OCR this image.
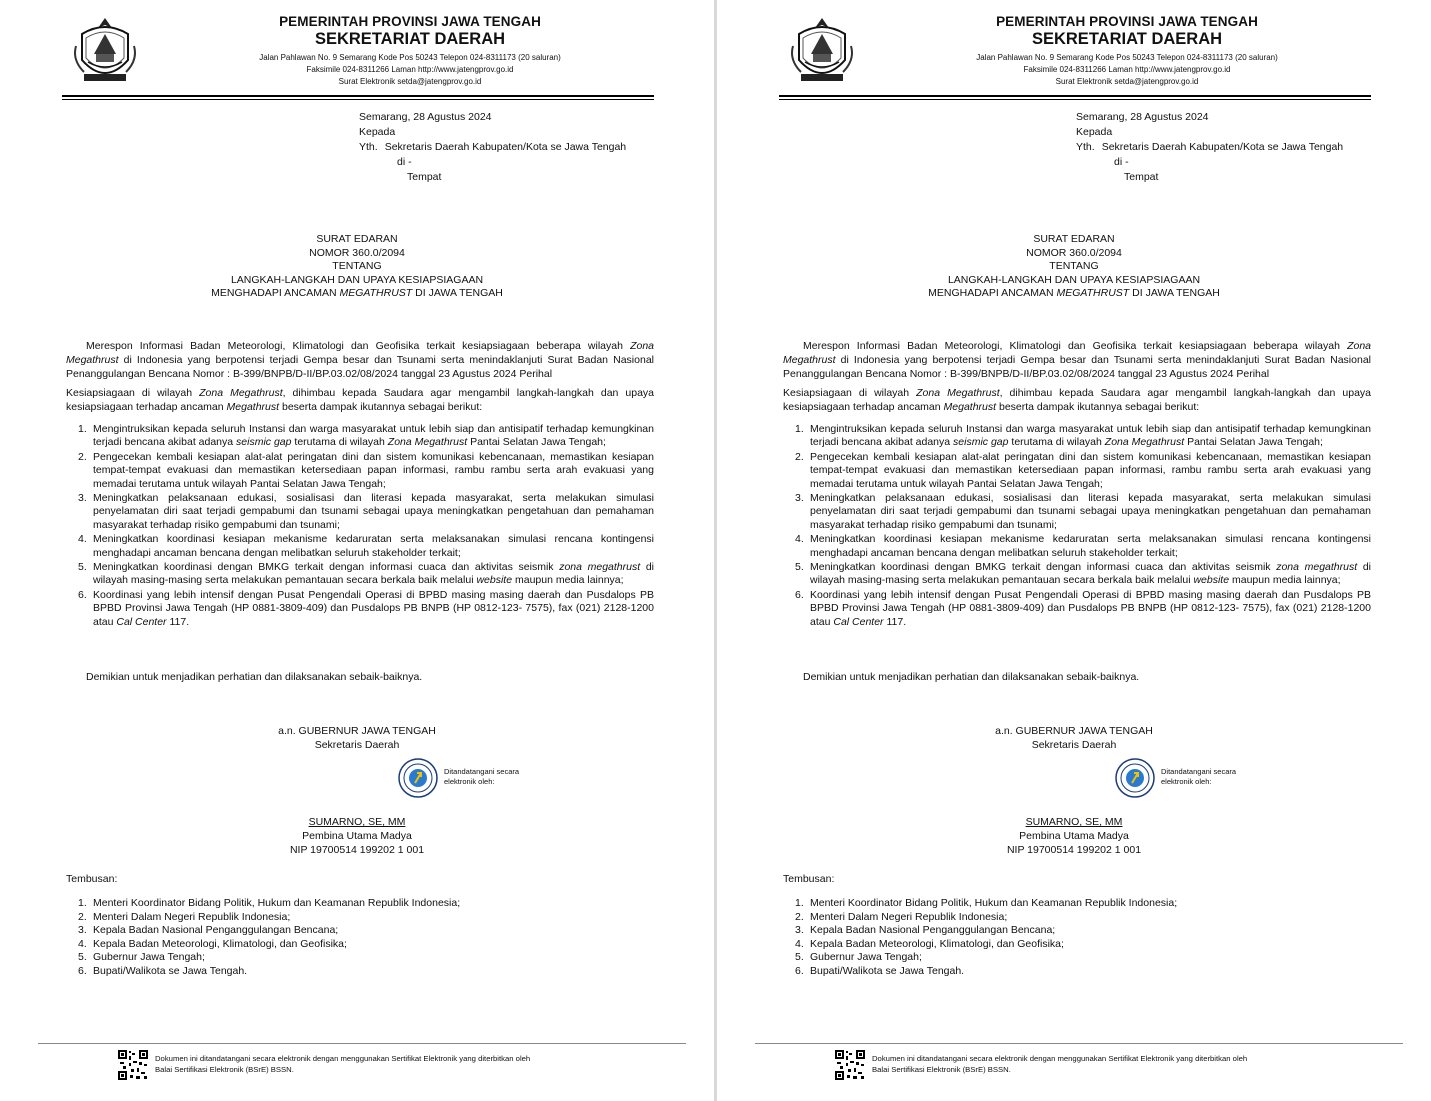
PEMERINTAH PROVINSI JAWA TENGAH
SEKRETARIAT DAERAH
Jalan Pahlawan No. 9 Semarang Kode Pos 50243 Telepon 024-8311173 (20 saluran)
Faksimile 024-8311266 Laman http://www.jatengprov.go.id
Surat Elektronik setda@jatengprov.go.id
Semarang, 28 Agustus 2024
Kepada
Yth. Sekretaris Daerah Kabupaten/Kota se Jawa Tengah
di -
Tempat
SURAT EDARAN
NOMOR 360.0/2094
TENTANG
LANGKAH-LANGKAH DAN UPAYA KESIAPSIAGAAN
MENGHADAPI ANCAMAN MEGATHRUST DI JAWA TENGAH

Merespon Informasi Badan Meteorologi, Klimatologi dan Geofisika terkait kesiapsiagaan beberapa wilayah Zona Megathrust di Indonesia yang berpotensi terjadi Gempa besar dan Tsunami serta menindaklanjuti Surat Badan Nasional Penanggulangan Bencana Nomor : B-399/BNPB/D-II/BP.03.02/08/2024 tanggal 23 Agustus 2024 Perihal

Kesiapsiagaan di wilayah Zona Megathrust, dihimbau kepada Saudara agar mengambil langkah-langkah dan upaya kesiapsiagaan terhadap ancaman Megathrust beserta dampak ikutannya sebagai berikut:

1. Mengintruksikan kepada seluruh Instansi dan warga masyarakat untuk lebih siap dan antisipatif terhadap kemungkinan terjadi bencana akibat adanya seismic gap terutama di wilayah Zona Megathrust Pantai Selatan Jawa Tengah;
2. Pengecekan kembali kesiapan alat-alat peringatan dini dan sistem komunikasi kebencanaan, memastikan kesiapan tempat-tempat evakuasi dan memastikan ketersediaan papan informasi, rambu rambu serta arah evakuasi yang memadai terutama untuk wilayah Pantai Selatan Jawa Tengah;
3. Meningkatkan pelaksanaan edukasi, sosialisasi dan literasi kepada masyarakat, serta melakukan simulasi penyelamatan diri saat terjadi gempabumi dan tsunami sebagai upaya meningkatkan pengetahuan dan pemahaman masyarakat terhadap risiko gempabumi dan tsunami;
4. Meningkatkan koordinasi kesiapan mekanisme kedaruratan serta melaksanakan simulasi rencana kontingensi menghadapi ancaman bencana dengan melibatkan seluruh stakeholder terkait;
5. Meningkatkan koordinasi dengan BMKG terkait dengan informasi cuaca dan aktivitas seismik zona megathrust di wilayah masing-masing serta melakukan pemantauan secara berkala baik melalui website maupun media lainnya;
6. Koordinasi yang lebih intensif dengan Pusat Pengendali Operasi di BPBD masing masing daerah dan Pusdalops PB BPBD Provinsi Jawa Tengah (HP 0881-3809-409) dan Pusdalops PB BNPB (HP 0812-123- 7575), fax (021) 2128-1200 atau Cal Center 117.
Demikian untuk menjadikan perhatian dan dilaksanakan sebaik-baiknya.
a.n. GUBERNUR JAWA TENGAH
Sekretaris Daerah
Ditandatangani secara
elektronik oleh:
SUMARNO, SE, MM
Pembina Utama Madya
NIP 19700514 199202 1 001
Tembusan:
1. Menteri Koordinator Bidang Politik, Hukum dan Keamanan Republik Indonesia;
2. Menteri Dalam Negeri Republik Indonesia;
3. Kepala Badan Nasional Penganggulangan Bencana;
4. Kepala Badan Meteorologi, Klimatologi, dan Geofisika;
5. Gubernur Jawa Tengah;
6. Bupati/Walikota se Jawa Tengah.
Dokumen ini ditandatangani secara elektronik dengan menggunakan Sertifikat Elektronik yang diterbitkan oleh
Balai Sertifikasi Elektronik (BSrE) BSSN.
PEMERINTAH PROVINSI JAWA TENGAH
SEKRETARIAT DAERAH
Jalan Pahlawan No. 9 Semarang Kode Pos 50243 Telepon 024-8311173 (20 saluran)
Faksimile 024-8311266 Laman http://www.jatengprov.go.id
Surat Elektronik setda@jatengprov.go.id
Semarang, 28 Agustus 2024
Kepada
Yth. Sekretaris Daerah Kabupaten/Kota se Jawa Tengah
di -
Tempat
SURAT EDARAN
NOMOR 360.0/2094
TENTANG
LANGKAH-LANGKAH DAN UPAYA KESIAPSIAGAAN
MENGHADAPI ANCAMAN MEGATHRUST DI JAWA TENGAH

Merespon Informasi Badan Meteorologi, Klimatologi dan Geofisika terkait kesiapsiagaan beberapa wilayah Zona Megathrust di Indonesia yang berpotensi terjadi Gempa besar dan Tsunami serta menindaklanjuti Surat Badan Nasional Penanggulangan Bencana Nomor : B-399/BNPB/D-II/BP.03.02/08/2024 tanggal 23 Agustus 2024 Perihal

Kesiapsiagaan di wilayah Zona Megathrust, dihimbau kepada Saudara agar mengambil langkah-langkah dan upaya kesiapsiagaan terhadap ancaman Megathrust beserta dampak ikutannya sebagai berikut:

1. Mengintruksikan kepada seluruh Instansi dan warga masyarakat untuk lebih siap dan antisipatif terhadap kemungkinan terjadi bencana akibat adanya seismic gap terutama di wilayah Zona Megathrust Pantai Selatan Jawa Tengah;
2. Pengecekan kembali kesiapan alat-alat peringatan dini dan sistem komunikasi kebencanaan, memastikan kesiapan tempat-tempat evakuasi dan memastikan ketersediaan papan informasi, rambu rambu serta arah evakuasi yang memadai terutama untuk wilayah Pantai Selatan Jawa Tengah;
3. Meningkatkan pelaksanaan edukasi, sosialisasi dan literasi kepada masyarakat, serta melakukan simulasi penyelamatan diri saat terjadi gempabumi dan tsunami sebagai upaya meningkatkan pengetahuan dan pemahaman masyarakat terhadap risiko gempabumi dan tsunami;
4. Meningkatkan koordinasi kesiapan mekanisme kedaruratan serta melaksanakan simulasi rencana kontingensi menghadapi ancaman bencana dengan melibatkan seluruh stakeholder terkait;
5. Meningkatkan koordinasi dengan BMKG terkait dengan informasi cuaca dan aktivitas seismik zona megathrust di wilayah masing-masing serta melakukan pemantauan secara berkala baik melalui website maupun media lainnya;
6. Koordinasi yang lebih intensif dengan Pusat Pengendali Operasi di BPBD masing masing daerah dan Pusdalops PB BPBD Provinsi Jawa Tengah (HP 0881-3809-409) dan Pusdalops PB BNPB (HP 0812-123- 7575), fax (021) 2128-1200 atau Cal Center 117.
Demikian untuk menjadikan perhatian dan dilaksanakan sebaik-baiknya.
a.n. GUBERNUR JAWA TENGAH
Sekretaris Daerah
Ditandatangani secara
elektronik oleh:
SUMARNO, SE, MM
Pembina Utama Madya
NIP 19700514 199202 1 001
Tembusan:
1. Menteri Koordinator Bidang Politik, Hukum dan Keamanan Republik Indonesia;
2. Menteri Dalam Negeri Republik Indonesia;
3. Kepala Badan Nasional Penganggulangan Bencana;
4. Kepala Badan Meteorologi, Klimatologi, dan Geofisika;
5. Gubernur Jawa Tengah;
6. Bupati/Walikota se Jawa Tengah.
Dokumen ini ditandatangani secara elektronik dengan menggunakan Sertifikat Elektronik yang diterbitkan oleh
Balai Sertifikasi Elektronik (BSrE) BSSN.
